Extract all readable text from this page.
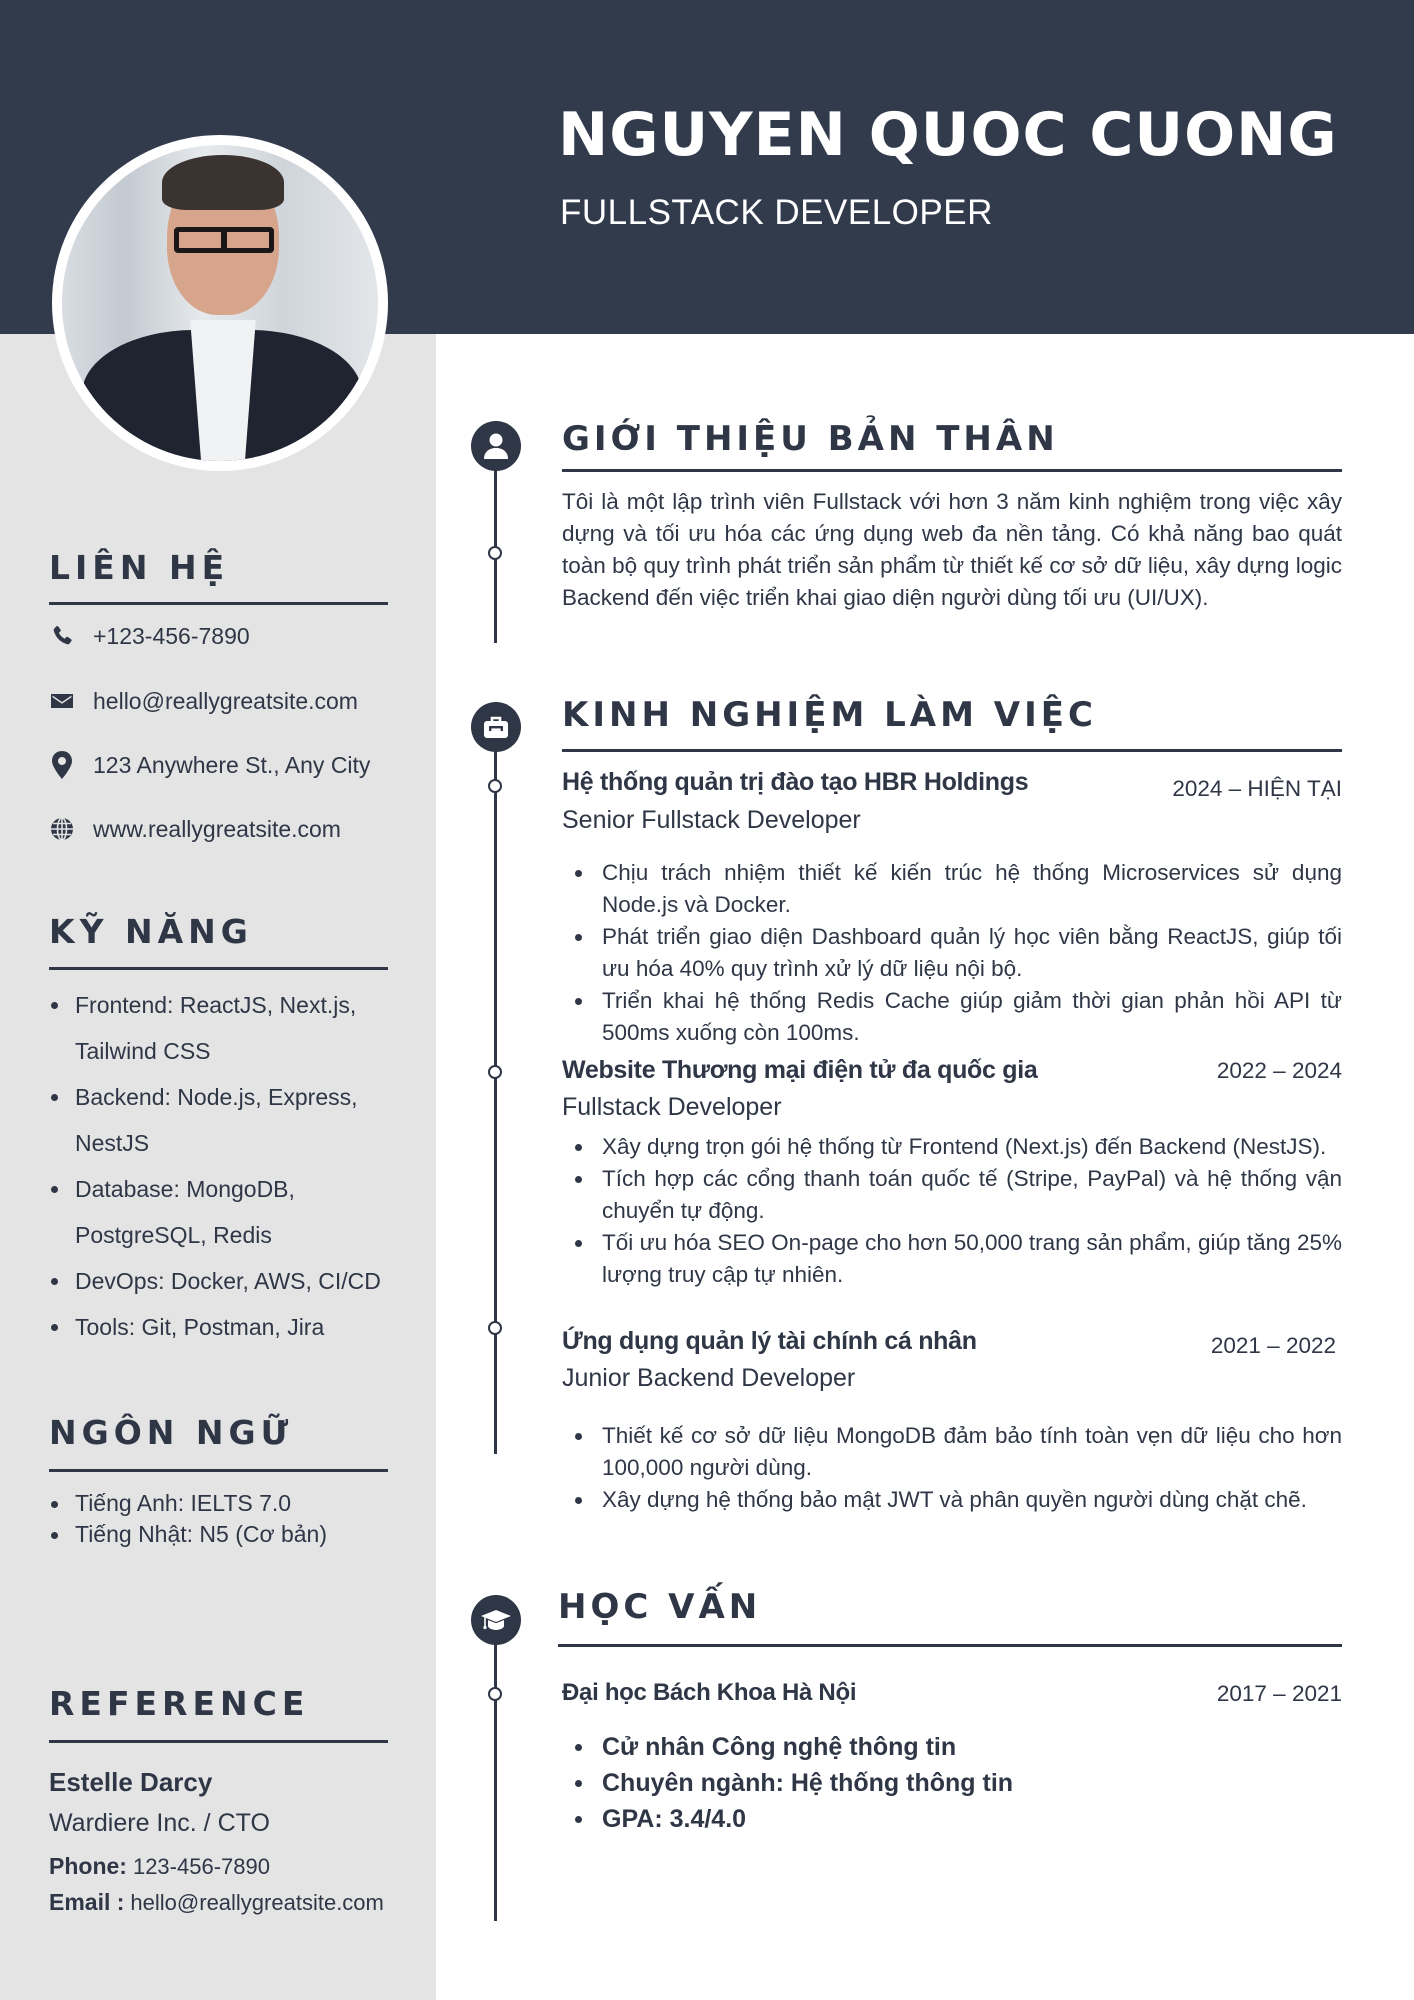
NGUYEN QUOC CUONG
FULLSTACK DEVELOPER
LIÊN HỆ
+123-456-7890
hello@reallygreatsite.com
123 Anywhere St., Any City
www.reallygreatsite.com
KỸ NĂNG
Frontend: ReactJS, Next.js, Tailwind CSS
Backend: Node.js, Express, NestJS
Database: MongoDB, PostgreSQL, Redis
DevOps: Docker, AWS, CI/CD
Tools: Git, Postman, Jira
NGÔN NGỮ
Tiếng Anh: IELTS 7.0
Tiếng Nhật: N5 (Cơ bản)
REFERENCE
Estelle Darcy
Wardiere Inc. / CTO
Phone: 123-456-7890
Email : hello@reallygreatsite.com
GIỚI THIỆU BẢN THÂN
Tôi là một lập trình viên Fullstack với hơn 3 năm kinh nghiệm trong việc xây dựng và tối ưu hóa các ứng dụng web đa nền tảng. Có khả năng bao quát toàn bộ quy trình phát triển sản phẩm từ thiết kế cơ sở dữ liệu, xây dựng logic Backend đến việc triển khai giao diện người dùng tối ưu (UI/UX).
KINH NGHIỆM LÀM VIỆC
Hệ thống quản trị đào tạo HBR Holdings	2024 – HIỆN TẠI
Senior Fullstack Developer
Chịu trách nhiệm thiết kế kiến trúc hệ thống Microservices sử dụng Node.js và Docker.
Phát triển giao diện Dashboard quản lý học viên bằng ReactJS, giúp tối ưu hóa 40% quy trình xử lý dữ liệu nội bộ.
Triển khai hệ thống Redis Cache giúp giảm thời gian phản hồi API từ 500ms xuống còn 100ms.
Website Thương mại điện tử đa quốc gia	2022 – 2024
Fullstack Developer
Xây dựng trọn gói hệ thống từ Frontend (Next.js) đến Backend (NestJS).
Tích hợp các cổng thanh toán quốc tế (Stripe, PayPal) và hệ thống vận chuyển tự động.
Tối ưu hóa SEO On-page cho hơn 50,000 trang sản phẩm, giúp tăng 25% lượng truy cập tự nhiên.
Ứng dụng quản lý tài chính cá nhân	2021 – 2022
Junior Backend Developer
Thiết kế cơ sở dữ liệu MongoDB đảm bảo tính toàn vẹn dữ liệu cho hơn 100,000 người dùng.
Xây dựng hệ thống bảo mật JWT và phân quyền người dùng chặt chẽ.
HỌC VẤN
Đại học Bách Khoa Hà Nội	2017 – 2021
Cử nhân Công nghệ thông tin
Chuyên ngành: Hệ thống thông tin
GPA: 3.4/4.0
